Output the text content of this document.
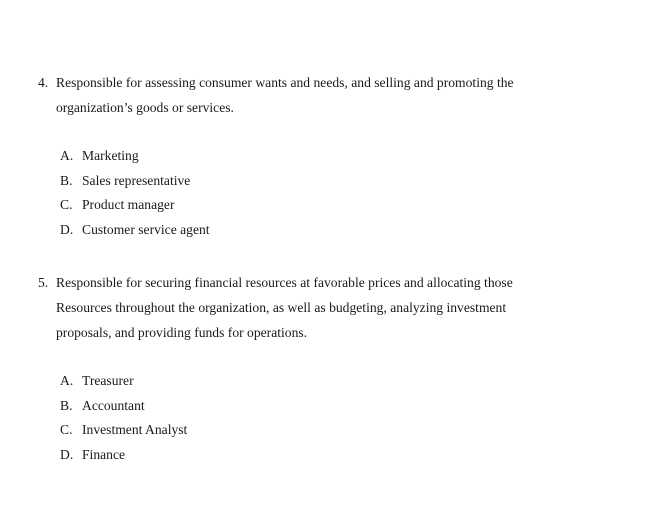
4. Responsible for assessing consumer wants and needs, and selling and promoting the
organization’s goods or services.
A. Marketing
B. Sales representative
C. Product manager
D. Customer service agent
5. Responsible for securing financial resources at favorable prices and allocating those
Resources throughout the organization, as well as budgeting, analyzing investment
proposals, and providing funds for operations.
A. Treasurer
B. Accountant
C. Investment Analyst
D. Finance
